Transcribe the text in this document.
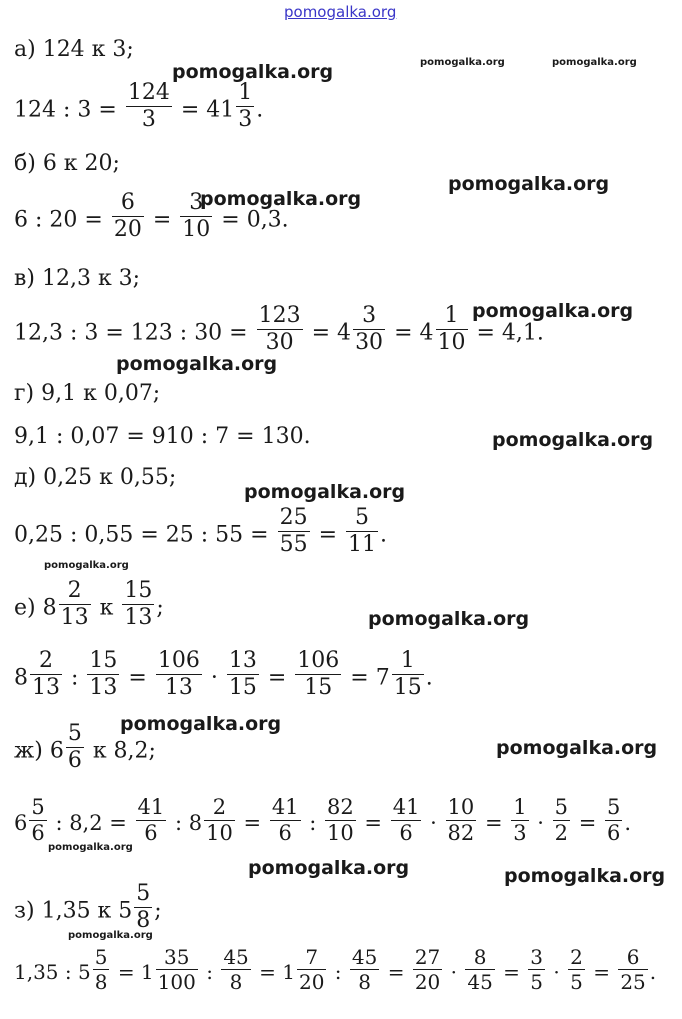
pomogalka.org
pomogalka.org	pomogalka.org	pomogalka.org
pomogalka.org
pomogalka.org
pomogalka.org
pomogalka.org
pomogalka.org
pomogalka.org
pomogalka.org
pomogalka.org
pomogalka.org
pomogalka.org
pomogalka.org
pomogalka.org	pomogalka.org
pomogalka.org
а) 124 к 3;
124 : $3 = \frac{124}{3} = 41 \frac{1}{3}$ .
б) 6 к 20;
6 : $20 = \frac{6}{20} = \frac{3}{10} = 0,3$.
в) 12,3 к 3;
12,3 : 3 = 123 : $30 = \frac{123}{30} = 4 \frac{3}{30} = 4 \frac{1}{10} = 4,1$.
г) 9,1 к 0,07;
9,1 : 0,07 = 910 : 7 = 130.
д) 0,25 к 0,55;
0,25 : 0,55 = 25 : $55 = \frac{25}{55} = \frac{5}{11}$ .
е) $8 \frac{2}{13}$ к $\frac{15}{13}$ ;
$8 \frac{2}{13}$ : $\frac{15}{13} = \frac{106}{13} \cdot \frac{13}{15} = \frac{106}{15} = 7 \frac{1}{15}$ .
ж) $6 \frac{5}{6}$ к 8,2;
$6 \frac{5}{6}$ : $8,2 = \frac{41}{6}$ : $8 \frac{2}{10} = \frac{41}{6}$ : $\frac{82}{10} = \frac{41}{6} \cdot \frac{10}{82} = \frac{1}{3} \cdot \frac{5}{2} = \frac{5}{6}$ .
з) 1,35 к $5 \frac{5}{8}$ ;
1,35 : $5 \frac{5}{8} = 1 \frac{35}{100}$ : $\frac{45}{8} = 1 \frac{7}{20}$ : $\frac{45}{8} = \frac{27}{20} \cdot \frac{8}{45} = \frac{3}{5} \cdot \frac{2}{5} = \frac{6}{25}$ .
